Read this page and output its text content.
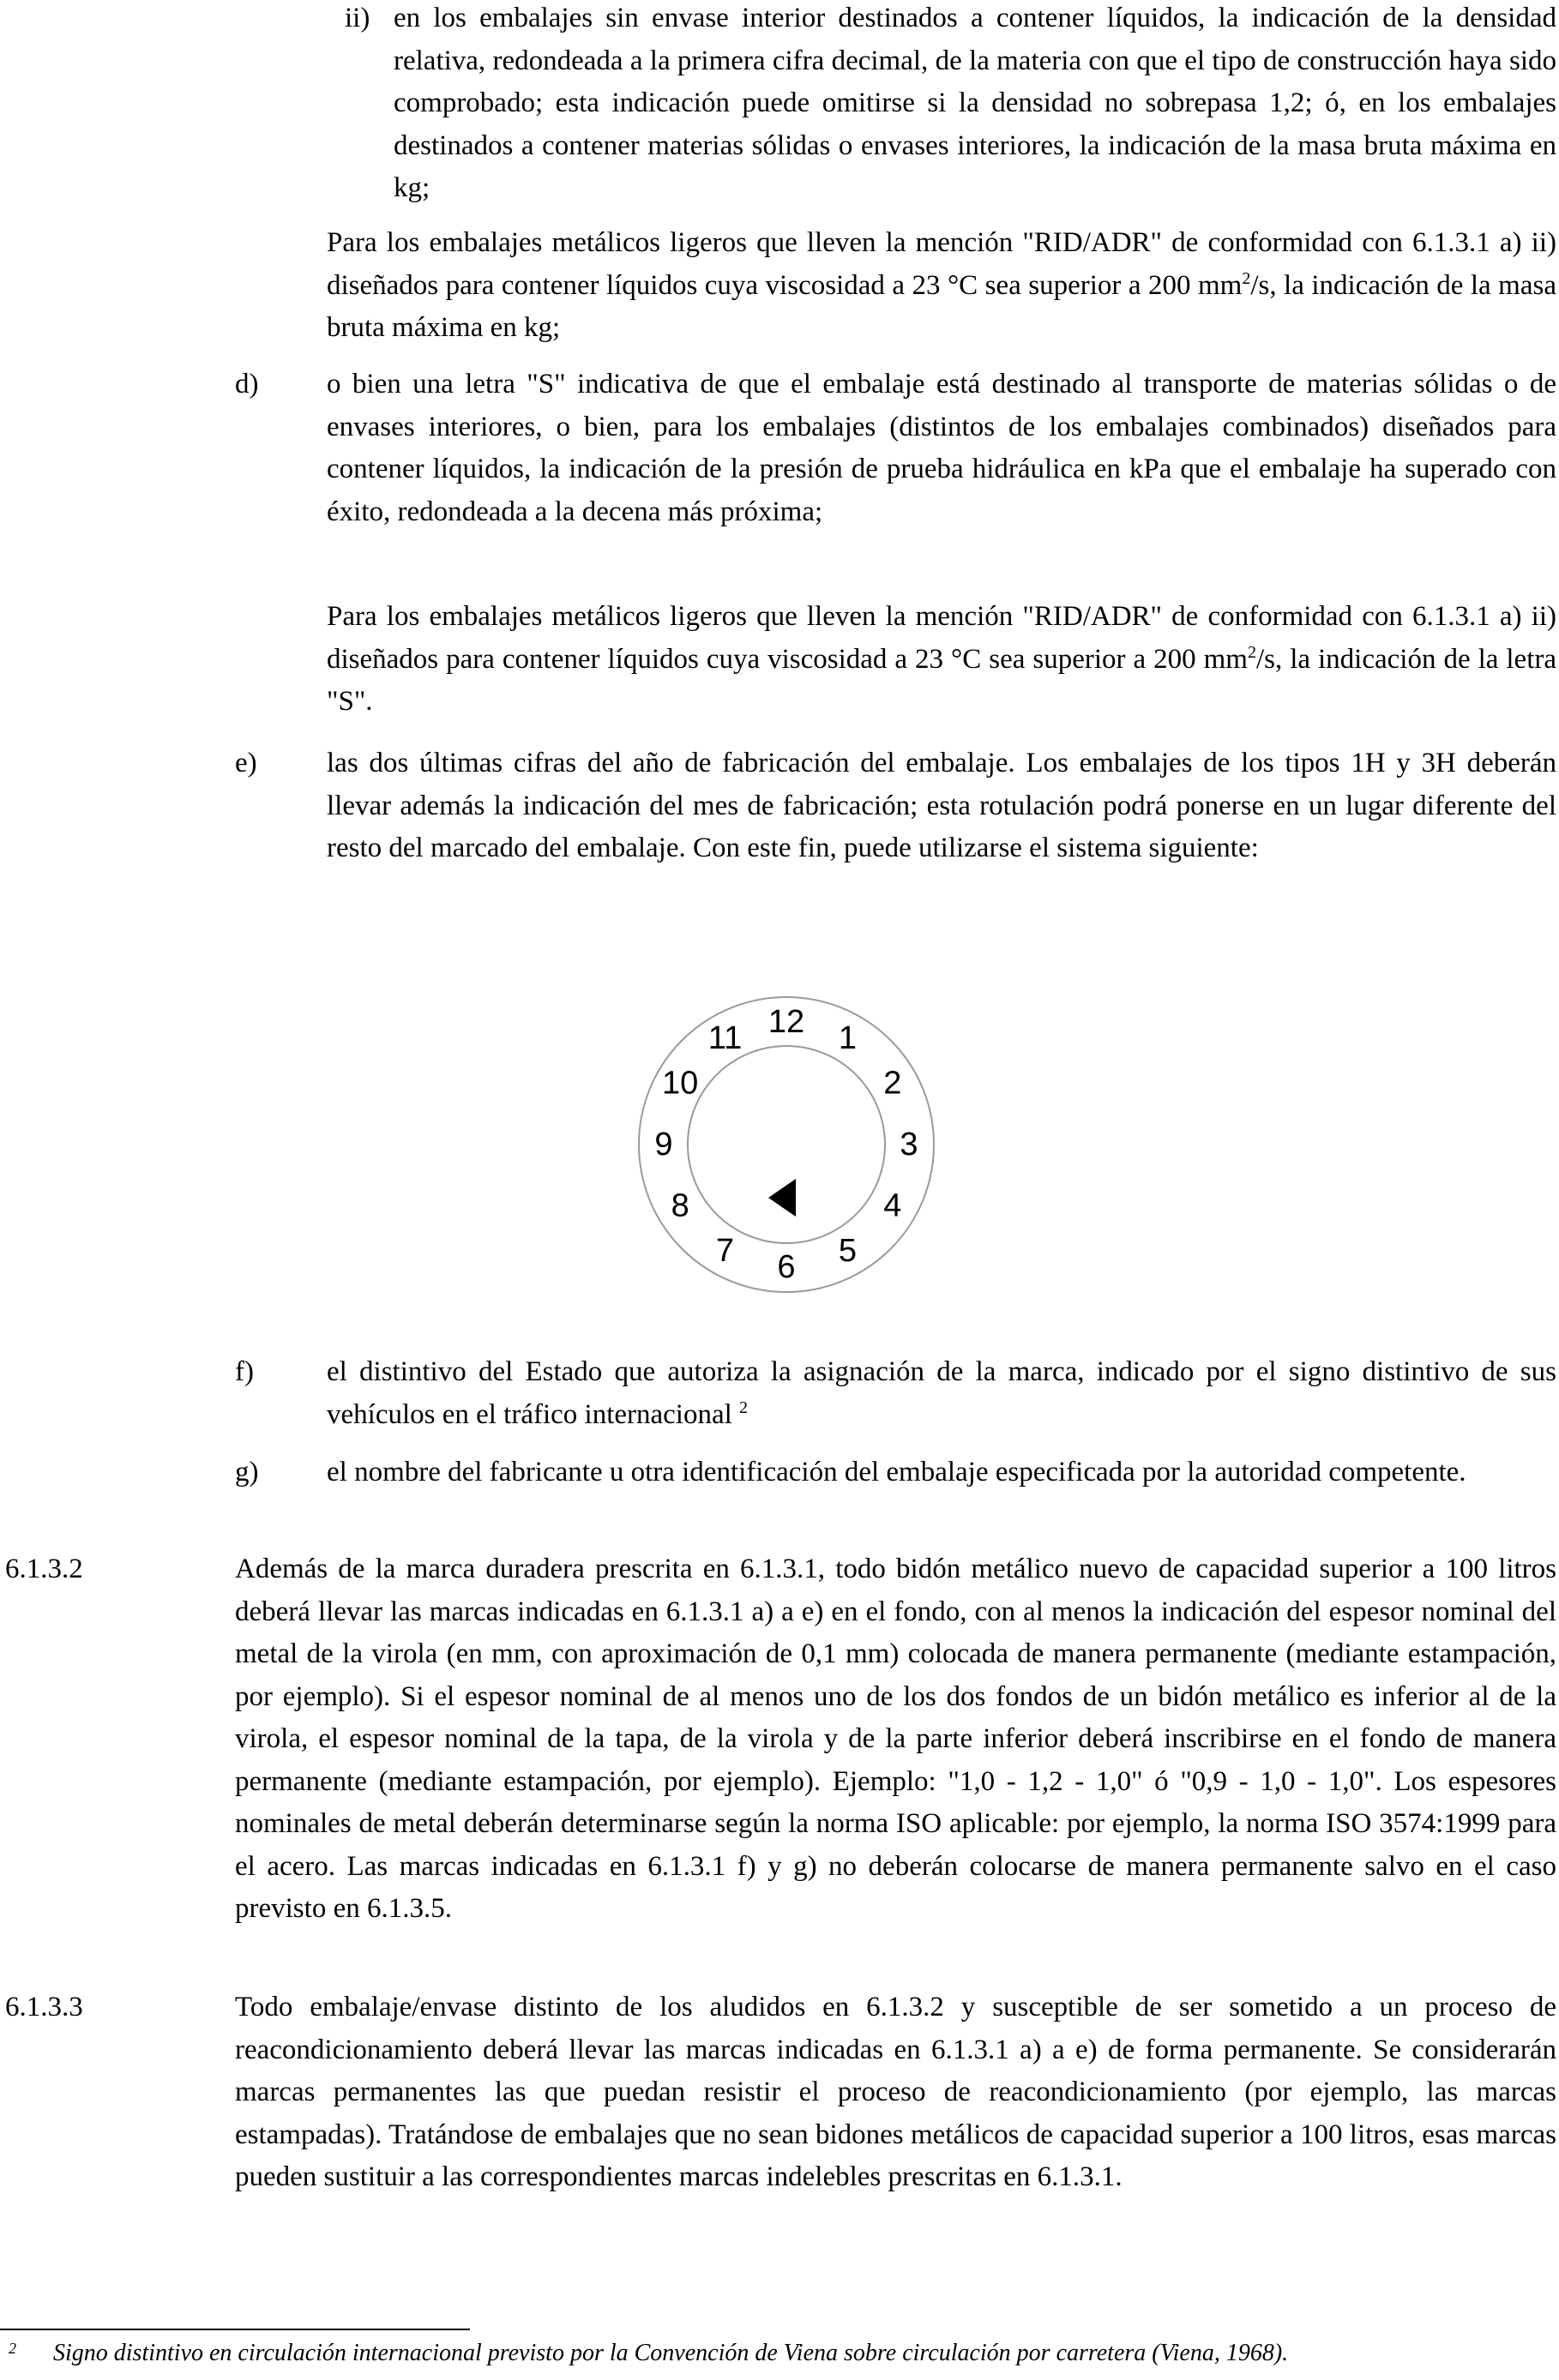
ii) en los embalajes sin envase interior destinados a contener líquidos, la indicación de la densidad relativa, redondeada a la primera cifra decimal, de la materia con que el tipo de construcción haya sido comprobado; esta indicación puede omitirse si la densidad no sobrepasa 1,2; ó, en los embalajes destinados a contener materias sólidas o envases interiores, la indicación de la masa bruta máxima en kg;

Para los embalajes metálicos ligeros que lleven la mención "RID/ADR" de conformidad con 6.1.3.1 a) ii) diseñados para contener líquidos cuya viscosidad a 23 °C sea superior a 200 $mm^2/s$, la indicación de la masa bruta máxima en kg;

d) o bien una letra "S" indicativa de que el embalaje está destinado al transporte de materias sólidas o de envases interiores, o bien, para los embalajes (distintos de los embalajes combinados) diseñados para contener líquidos, la indicación de la presión de prueba hidráulica en kPa que el embalaje ha superado con éxito, redondeada a la decena más próxima;

Para los embalajes metálicos ligeros que lleven la mención "RID/ADR" de conformidad con 6.1.3.1 a) ii) diseñados para contener líquidos cuya viscosidad a 23 °C sea superior a 200 $mm^2/s$, la indicación de la letra "S".

e) las dos últimas cifras del año de fabricación del embalaje. Los embalajes de los tipos 1H y 3H deberán llevar además la indicación del mes de fabricación; esta rotulación podrá ponerse en un lugar diferente del resto del marcado del embalaje. Con este fin, puede utilizarse el sistema siguiente:

12 1
2
3
4
5
6
7
8
9
10
11
f)	el distintivo del Estado que autoriza la asignación de la marca, indicado por el signo distintivo de sus vehículos en el tráfico internacional $^2$

g) el nombre del fabricante u otra identificación del embalaje especificada por la autoridad competente.

6.1.3.2	Además de la marca duradera prescrita en 6.1.3.1, todo bidón metálico nuevo de capacidad superior a 100 litros deberá llevar las marcas indicadas en 6.1.3.1 a) a e) en el fondo, con al menos la indicación del espesor nominal del metal de la virola (en mm, con aproximación de 0,1 mm) colocada de manera permanente (mediante estampación, por ejemplo). Si el espesor nominal de al menos uno de los dos fondos de un bidón metálico es inferior al de la virola, el espesor nominal de la tapa, de la virola y de la parte inferior deberá inscribirse en el fondo de manera permanente (mediante estampación, por ejemplo). Ejemplo: "1,0 - 1,2 - 1,0" ó "0,9 - 1,0 - 1,0". Los espesores nominales de metal deberán determinarse según la norma ISO aplicable: por ejemplo, la norma ISO 3574:1999 para el acero. Las marcas indicadas en 6.1.3.1 f) y g) no deberán colocarse de manera permanente salvo en el caso previsto en 6.1.3.5.

6.1.3.3	Todo embalaje/envase distinto de los aludidos en 6.1.3.2 y susceptible de ser sometido a un proceso de reacondicionamiento deberá llevar las marcas indicadas en 6.1.3.1 a) a e) de forma permanente. Se considerarán marcas permanentes las que puedan resistir el proceso de reacondicionamiento (por ejemplo, las marcas estampadas). Tratándose de embalajes que no sean bidones metálicos de capacidad superior a 100 litros, esas marcas pueden sustituir a las correspondientes marcas indelebles prescritas en 6.1.3.1.

2 Signo distintivo en circulación internacional previsto por la Convención de Viena sobre circulación por carretera (Viena, 1968).
